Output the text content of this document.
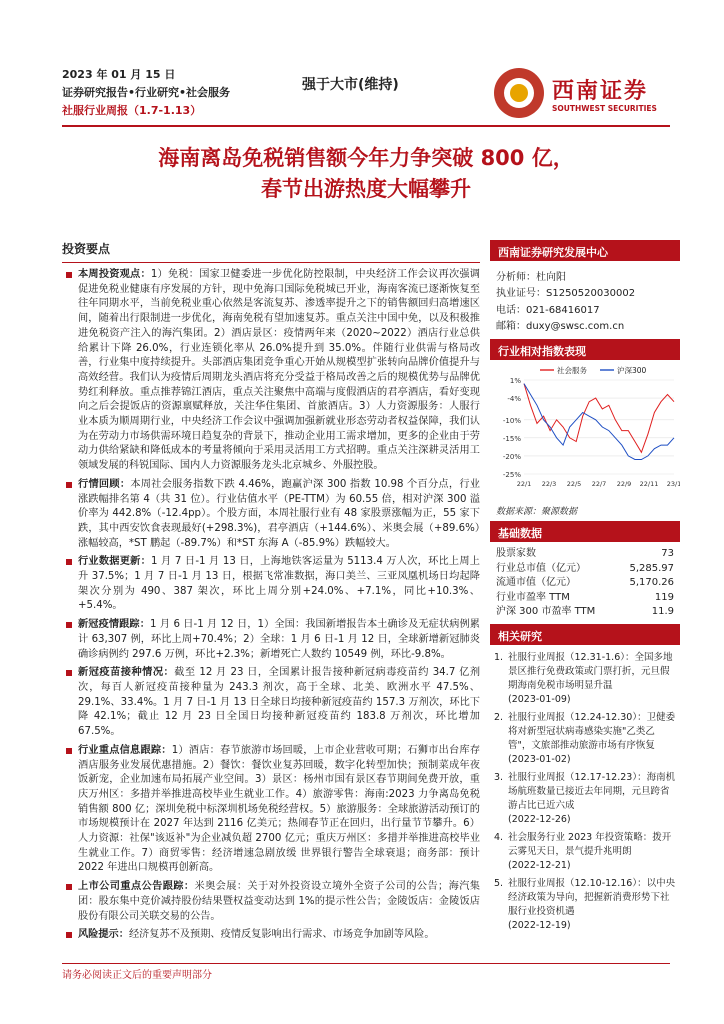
2023 年 01 月 15 日
证券研究报告•行业研究•社会服务
社服行业周报（1.7-1.13）
强于大市(维持)	西南证券
SOUTHWEST SECURITIES
海南离岛免税销售额今年力争突破 800 亿，
春节出游热度大幅攀升
投资要点
本周投资观点：1）免税：国家卫健委进一步优化防控限制，中央经济工作会议再次强调促进免税业健康有序发展的方针，现中免海口国际免税城已开业，海南客流已逐渐恢复至往年同期水平，当前免税业重心依然是客流复苏、渗透率提升之下的销售额回归高增速区间，随着出行限制进一步优化，海南免税有望加速复苏。重点关注中国中免，以及积极推进免税资产注入的海汽集团。2）酒店景区：疫情两年来（2020~2022）酒店行业总供给累计下降 26.0%，行业连锁化率从 26.0%提升到 35.0%。伴随行业供需与格局改善，行业集中度持续提升。头部酒店集团竞争重心开始从规模型扩张转向品牌价值提升与高效经营。我们认为疫情后周期龙头酒店将充分受益于格局改善之后的规模优势与品牌优势红利释放。重点推荐锦江酒店，重点关注聚焦中高端与度假酒店的君亭酒店，看好变现向之后会提饭店的资源禀赋释放，关注华住集团、首旅酒店。3）人力资源服务：人服行业本质为顺周期行业，中央经济工作会议中强调加强新就业形态劳动者权益保障，我们认为在劳动力市场供需环境日趋复杂的背景下，推动企业用工需求增加，更多的企业由于劳动力供给紧缺和降低成本的考量将倾向于采用灵活用工方式招聘。重点关注深耕灵活用工领域发展的科锐国际、国内人力资源服务龙头北京城乡、外服控股。
行情回顾：本周社会服务指数下跌 4.46%，跑赢沪深 300 指数 10.98 个百分点，行业涨跌幅排名第 4（共 31 位）。行业估值水平（PE-TTM）为 60.55 倍，相对沪深 300 溢价率为 442.8%（-12.4pp）。个股方面，本周社服行业有 48 家股票涨幅为正，55 家下跌，其中西安饮食表现最好(+298.3%)，君亭酒店（+144.6%）、米奥会展（+89.6%）涨幅较高，*ST 鹏起（-89.7%）和*ST 东海 A（-85.9%）跌幅较大。
行业数据更新：1 月 7 日-1 月 13 日，上海地铁客运量为 5113.4 万人次，环比上周上升 37.5%；1 月 7 日-1 月 13 日，根据飞常准数据，海口美兰、三亚凤凰机场日均起降架次分别为 490、387 架次，环比上周分别+24.0%、+7.1%，同比+10.3%、+5.4%。
新冠疫情跟踪：1 月 6 日-1 月 12 日，1）全国：我国新增报告本土确诊及无症状病例累计 63,307 例，环比上周+70.4%；2）全球：1 月 6 日-1 月 12 日，全球新增新冠肺炎确诊病例约 297.6 万例，环比+2.3%；新增死亡人数约 10549 例，环比-9.8%。
新冠疫苗接种情况：截至 12 月 23 日，全国累计报告接种新冠病毒疫苗约 34.7 亿剂次，每百人新冠疫苗接种量为 243.3 剂次，高于全球、北美、欧洲水平 47.5%、29.1%、33.4%。1 月 7 日-1 月 13 日全球日均接种新冠疫苗约 157.3 万剂次，环比下降 42.1%；截止 12 月 23 日全国日均接种新冠疫苗约 183.8 万剂次，环比增加 67.5%。
行业重点信息跟踪：1）酒店：春节旅游市场回暖，上市企业营收可期；石狮市出台库存酒店服务业发展优惠措施。2）餐饮：餐饮业复苏回暖，数字化转型加快；预制菜成年夜饭新宠，企业加速布局拓展产业空间。3）景区：杨州市国有景区春节期间免费开放，重庆万州区：多措并举推进高校毕业生就业工作。4）旅游零售：海南:2023 力争离岛免税销售额 800 亿；深圳免税中标深圳机场免税经营权。5）旅游服务：全球旅游活动预订的市场规模预计在 2027 年达到 2116 亿美元；热闹春节正在回归，出行量节节攀升。6）人力资源：社保"该返补"为企业减负超 2700 亿元；重庆万州区：多措并举推进高校毕业生就业工作。7）商贸零售：经济增速急剧放缓 世界银行警告全球衰退；商务部：预计 2022 年进出口规模再创新高。
上市公司重点公告跟踪：米奥会展：关于对外投资设立境外全资子公司的公告；海汽集团：股东集中竞价减持股份结果暨权益变动达到 1%的提示性公告；金陵饭店：金陵饭店股份有限公司关联交易的公告。
风险提示：经济复苏不及预期、疫情反复影响出行需求、市场竞争加剧等风险。
西南证券研究发展中心
分析师：杜向阳
执业证号：S1250520030002
电话：021-68416017
邮箱：duxy@swsc.com.cn
行业相对指数表现
1%
-4%
-10%
-15%
-20%
-25%
22/1 22/3 22/5 22/7 22/9 22/11 23/1
社会服务	沪深300
数据来源：聚源数据
基础数据
股票家数	73
行业总市值（亿元）	5,285.97
流通市值（亿元）	5,170.26
行业市盈率 TTM	119
沪深 300 市盈率 TTM	11.9
相关研究
1. 社服行业周报（12.31-1.6）：全国多地景区推行免费政策或门票打折，元旦假期海南免税市场明显升温
(2023-01-09)
2. 社服行业周报（12.24-12.30）：卫健委将对新型冠状病毒感染实施"乙类乙管"，文旅部推动旅游市场有序恢复
(2023-01-02)
3. 社服行业周报（12.17-12.23）：海南机场航班数量已接近去年同期，元旦跨省游占比已近六成
(2022-12-26)
4. 社会服务行业 2023 年投资策略：拨开云雾见天日，景气提升兆明朗
(2022-12-21)
5. 社服行业周报（12.10-12.16）：以中央经济政策为导向，把握新消费形势下社服行业投资机遇
(2022-12-19)
请务必阅读正文后的重要声明部分
